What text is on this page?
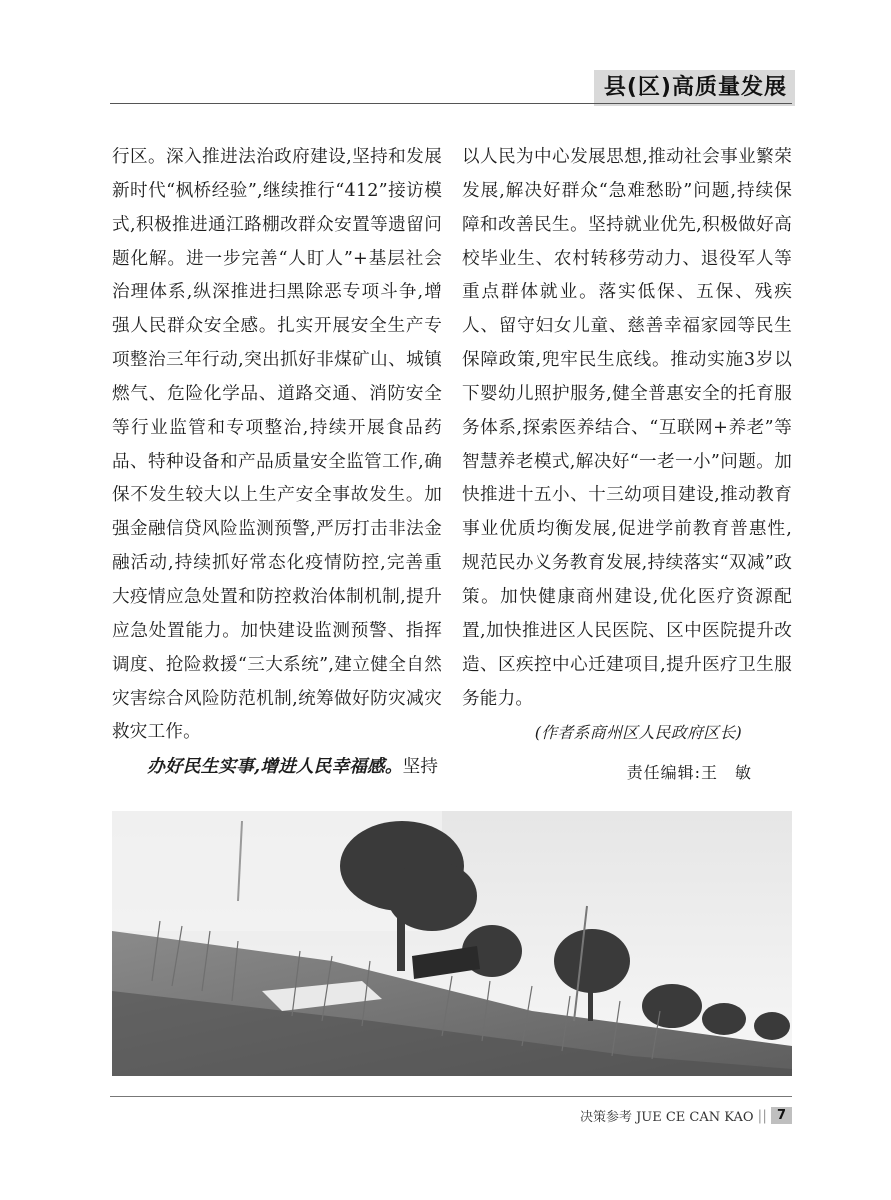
县(区)高质量发展

行区。深入推进法治政府建设,坚持和发展新时代“枫桥经验”,继续推行“412”接访模式,积极推进通江路棚改群众安置等遗留问题化解。进一步完善“人盯人”+基层社会治理体系,纵深推进扫黑除恶专项斗争,增强人民群众安全感。扎实开展安全生产专项整治三年行动,突出抓好非煤矿山、城镇燃气、危险化学品、道路交通、消防安全等行业监管和专项整治,持续开展食品药品、特种设备和产品质量安全监管工作,确保不发生较大以上生产安全事故发生。加强金融信贷风险监测预警,严厉打击非法金融活动,持续抓好常态化疫情防控,完善重大疫情应急处置和防控救治体制机制,提升应急处置能力。加快建设监测预警、指挥调度、抢险救援“三大系统”,建立健全自然灾害综合风险防范机制,统筹做好防灾减灾救灾工作。

办好民生实事,增进人民幸福感。坚持

以人民为中心发展思想,推动社会事业繁荣发展,解决好群众“急难愁盼”问题,持续保障和改善民生。坚持就业优先,积极做好高校毕业生、农村转移劳动力、退役军人等重点群体就业。落实低保、五保、残疾人、留守妇女儿童、慈善幸福家园等民生保障政策,兜牢民生底线。推动实施3岁以下婴幼儿照护服务,健全普惠安全的托育服务体系,探索医养结合、“互联网+养老”等智慧养老模式,解决好“一老一小”问题。加快推进十五小、十三幼项目建设,推动教育事业优质均衡发展,促进学前教育普惠性,规范民办义务教育发展,持续落实“双减”政策。加快健康商州建设,优化医疗资源配置,加快推进区人民医院、区中医院提升改造、区疾控中心迁建项目,提升医疗卫生服务能力。

(作者系商州区人民政府区长)

责任编辑:王　敏

决策参考 JUE CE CAN KAO || 7
